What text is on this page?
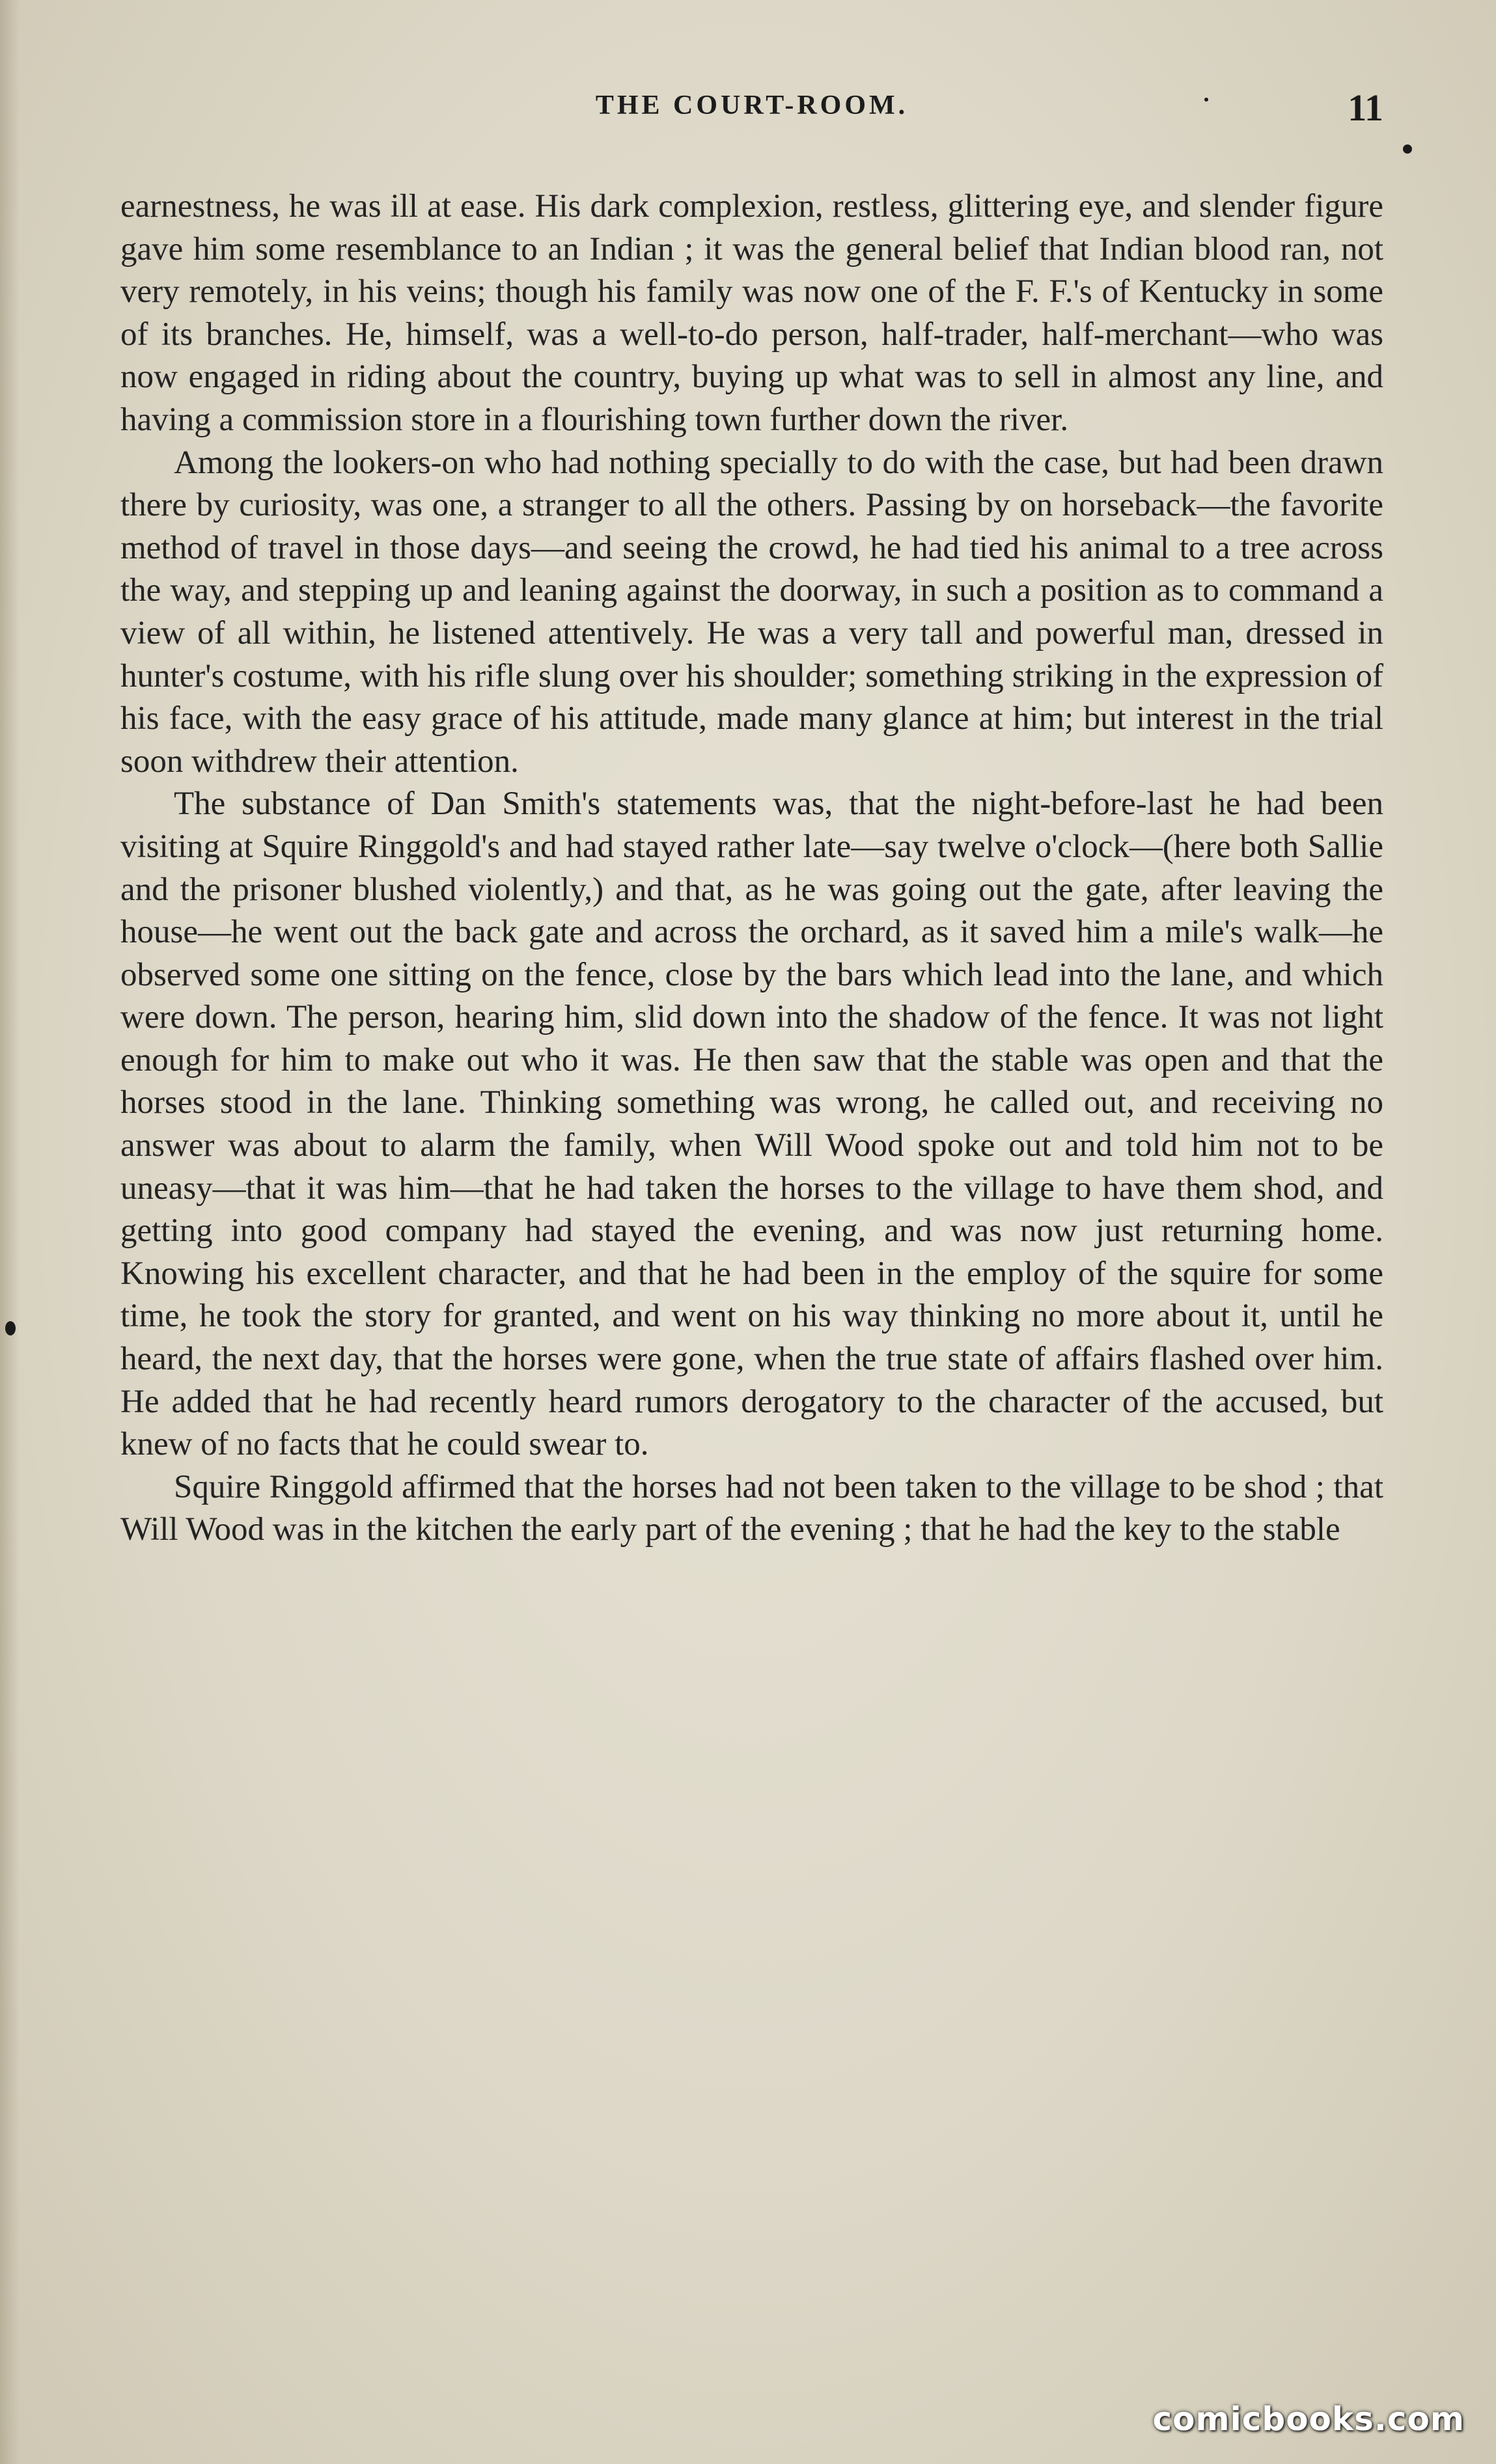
THE COURT-ROOM.	11

earnestness, he was ill at ease. His dark complexion, restless, glittering eye, and slender figure gave him some resemblance to an Indian ; it was the general belief that Indian blood ran, not very remotely, in his veins; though his family was now one of the F. F.'s of Kentucky in some of its branches. He, himself, was a well-to-do person, half-trader, half-merchant—who was now engaged in riding about the country, buying up what was to sell in almost any line, and having a commission store in a flourishing town further down the river.

Among the lookers-on who had nothing specially to do with the case, but had been drawn there by curiosity, was one, a stranger to all the others. Passing by on horseback—the favorite method of travel in those days—and seeing the crowd, he had tied his animal to a tree across the way, and stepping up and leaning against the doorway, in such a position as to command a view of all within, he listened attentively. He was a very tall and powerful man, dressed in hunter's costume, with his rifle slung over his shoulder; something striking in the expression of his face, with the easy grace of his attitude, made many glance at him; but interest in the trial soon withdrew their attention.

The substance of Dan Smith's statements was, that the night-before-last he had been visiting at Squire Ringgold's and had stayed rather late—say twelve o'clock—(here both Sallie and the prisoner blushed violently,) and that, as he was going out the gate, after leaving the house—he went out the back gate and across the orchard, as it saved him a mile's walk—he observed some one sitting on the fence, close by the bars which lead into the lane, and which were down. The person, hearing him, slid down into the shadow of the fence. It was not light enough for him to make out who it was. He then saw that the stable was open and that the horses stood in the lane. Thinking something was wrong, he called out, and receiving no answer was about to alarm the family, when Will Wood spoke out and told him not to be uneasy—that it was him—that he had taken the horses to the village to have them shod, and getting into good company had stayed the evening, and was now just returning home. Knowing his excellent character, and that he had been in the employ of the squire for some time, he took the story for granted, and went on his way thinking no more about it, until he heard, the next day, that the horses were gone, when the true state of affairs flashed over him. He added that he had recently heard rumors derogatory to the character of the accused, but knew of no facts that he could swear to.

Squire Ringgold affirmed that the horses had not been taken to the village to be shod ; that Will Wood was in the kitchen the early part of the evening ; that he had the key to the stable

comicbooks.com
